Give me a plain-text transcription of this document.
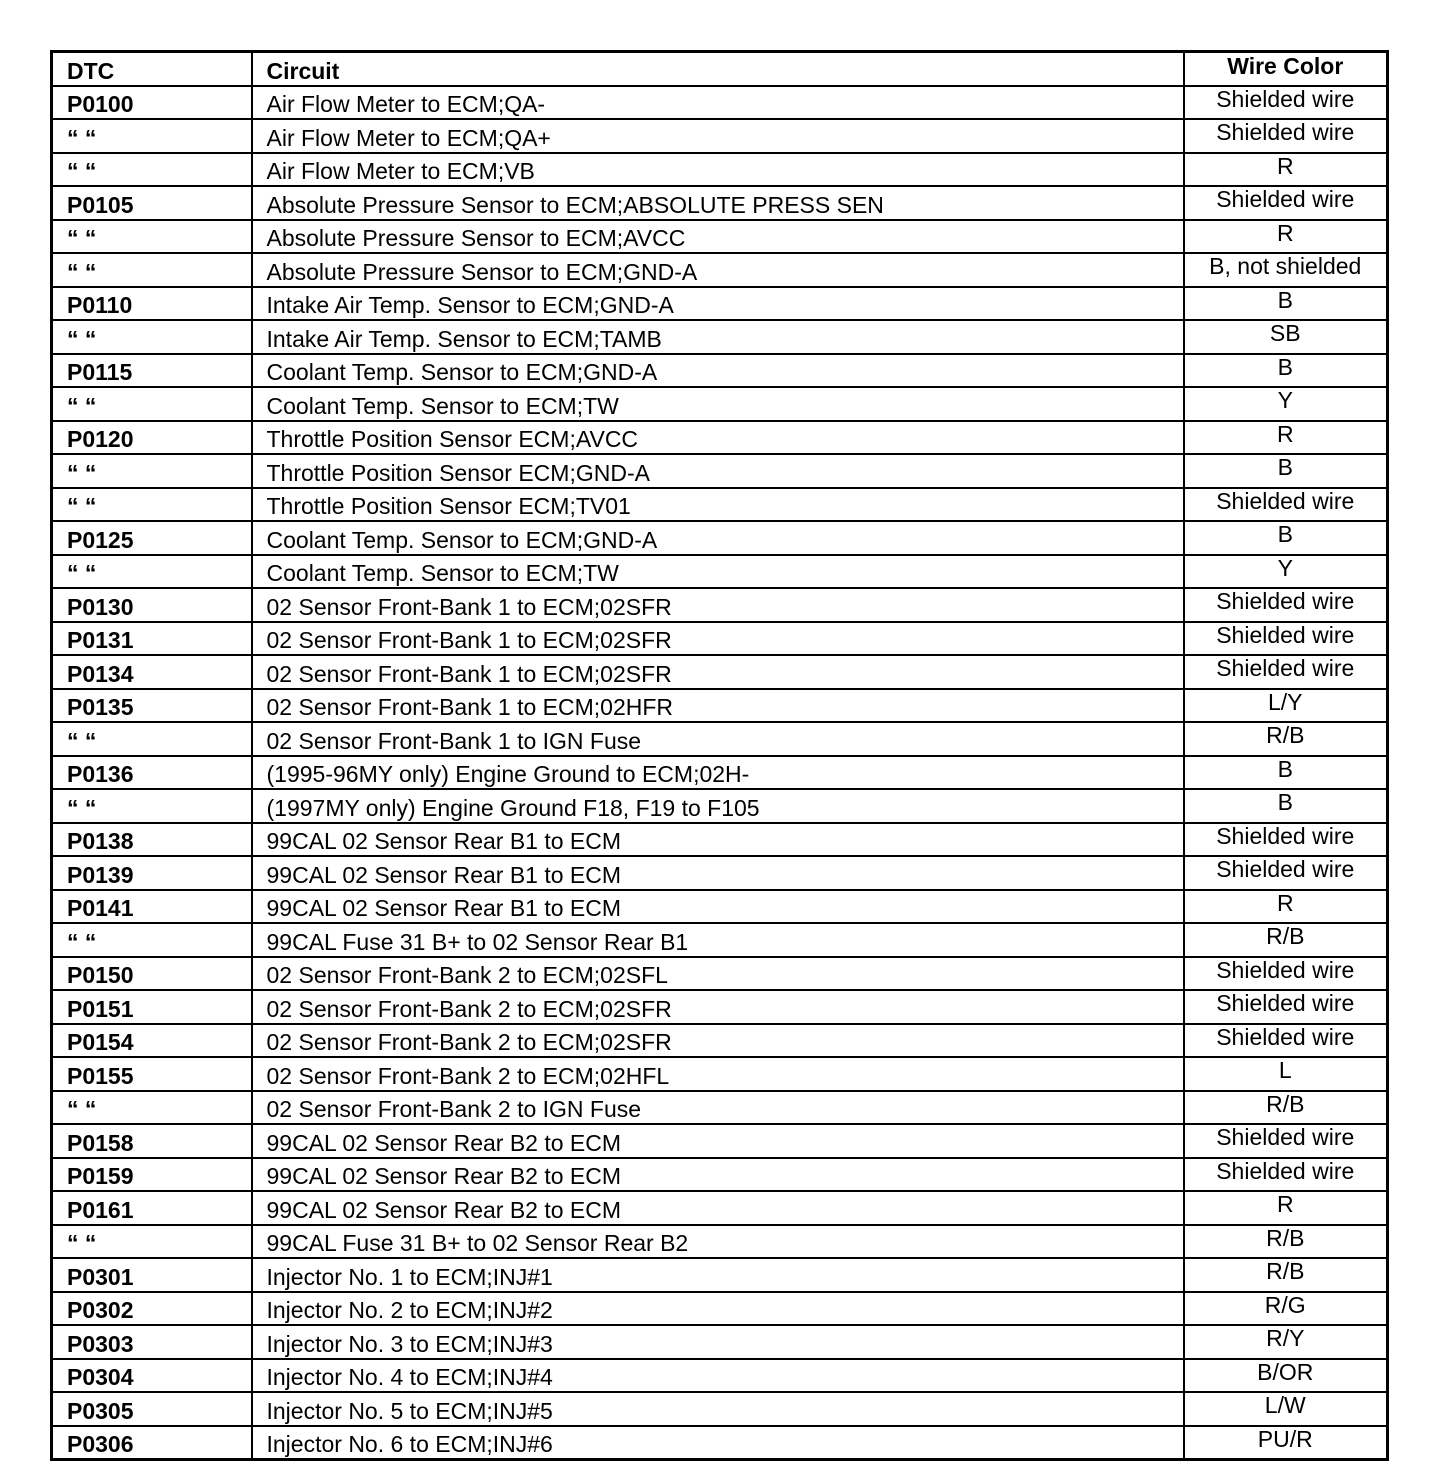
DTC	Circuit	Wire Color
P0100	Air Flow Meter to ECM;QA-	Shielded wire
“ “	Air Flow Meter to ECM;QA+	Shielded wire
“ “	Air Flow Meter to ECM;VB	R
P0105	Absolute Pressure Sensor to ECM;ABSOLUTE PRESS SEN	Shielded wire
“ “	Absolute Pressure Sensor to ECM;AVCC	R
“ “	Absolute Pressure Sensor to ECM;GND-A	B, not shielded
P0110	Intake Air Temp. Sensor to ECM;GND-A	B
“ “	Intake Air Temp. Sensor to ECM;TAMB	SB
P0115	Coolant Temp. Sensor to ECM;GND-A	B
“ “	Coolant Temp. Sensor to ECM;TW	Y
P0120	Throttle Position Sensor ECM;AVCC	R
“ “	Throttle Position Sensor ECM;GND-A	B
“ “	Throttle Position Sensor ECM;TV01	Shielded wire
P0125	Coolant Temp. Sensor to ECM;GND-A	B
“ “	Coolant Temp. Sensor to ECM;TW	Y
P0130	02 Sensor Front-Bank 1 to ECM;02SFR	Shielded wire
P0131	02 Sensor Front-Bank 1 to ECM;02SFR	Shielded wire
P0134	02 Sensor Front-Bank 1 to ECM;02SFR	Shielded wire
P0135	02 Sensor Front-Bank 1 to ECM;02HFR	L/Y
“ “	02 Sensor Front-Bank 1 to IGN Fuse	R/B
P0136	(1995-96MY only) Engine Ground to ECM;02H-	B
“ “	(1997MY only) Engine Ground F18, F19 to F105	B
P0138	99CAL 02 Sensor Rear B1 to ECM	Shielded wire
P0139	99CAL 02 Sensor Rear B1 to ECM	Shielded wire
P0141	99CAL 02 Sensor Rear B1 to ECM	R
“ “	99CAL Fuse 31 B+ to 02 Sensor Rear B1	R/B
P0150	02 Sensor Front-Bank 2 to ECM;02SFL	Shielded wire
P0151	02 Sensor Front-Bank 2 to ECM;02SFR	Shielded wire
P0154	02 Sensor Front-Bank 2 to ECM;02SFR	Shielded wire
P0155	02 Sensor Front-Bank 2 to ECM;02HFL	L
“ “	02 Sensor Front-Bank 2 to IGN Fuse	R/B
P0158	99CAL 02 Sensor Rear B2 to ECM	Shielded wire
P0159	99CAL 02 Sensor Rear B2 to ECM	Shielded wire
P0161	99CAL 02 Sensor Rear B2 to ECM	R
“ “	99CAL Fuse 31 B+ to 02 Sensor Rear B2	R/B
P0301	Injector No. 1 to ECM;INJ#1	R/B
P0302	Injector No. 2 to ECM;INJ#2	R/G
P0303	Injector No. 3 to ECM;INJ#3	R/Y
P0304	Injector No. 4 to ECM;INJ#4	B/OR
P0305	Injector No. 5 to ECM;INJ#5	L/W
P0306	Injector No. 6 to ECM;INJ#6	PU/R
